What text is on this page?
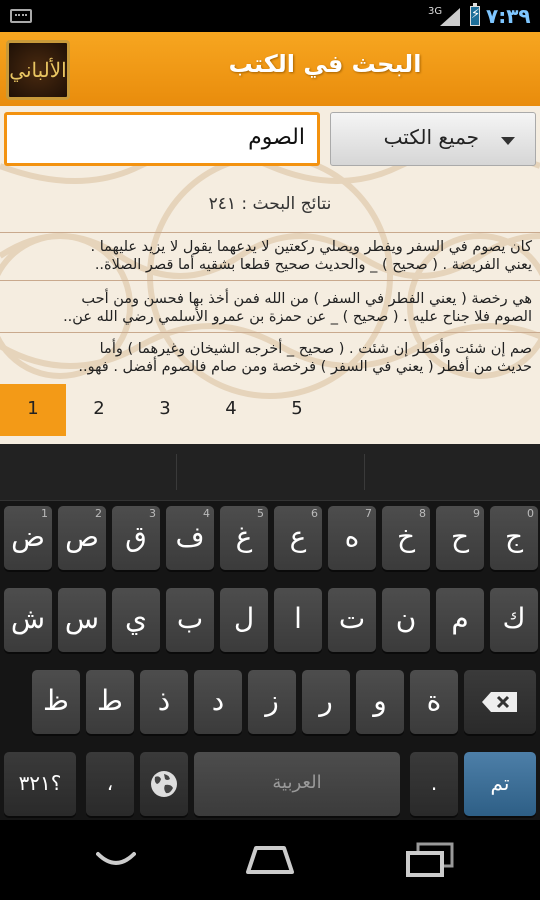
3G ⚡ ٧:٣٩
الألباني	البحث في الكتب
الصوم	جميع الكتب
نتائج البحث : ٢٤١
كان يصوم في السفر ويفطر ويصلي ركعتين لا يدعهما يقول لا يزيد عليهما .
يعني الفريضة . ( صحيح ) _ والحديث صحيح قطعا بشقيه أما قصر الصلاة..
هي رخصة ( يعني الفطر في السفر ) من الله فمن أخذ بها فحسن ومن أحب
الصوم فلا جناح عليه . ( صحيح ) _ عن حمزة بن عمرو الأسلمي رضي الله عن..
صم إن شئت وأفطر إن شئت . ( صحيح _ أخرجه الشيخان وغيرهما ) وأما
حديث من أفطر ( يعني في السفر ) فرخصة ومن صام فالصوم أفضل . فهو..
1	2	3	4	5
ض
1
ص
2
ق
3
ف
4
غ
5
ع
6
ه
7
خ
8
ح
9
ج
0
ش س ي	ب	ل	ا	ت	ن	م	ك
ظ	ط	ذ	د	ز	ر	و	ة
؟٣٢١	،	العربية	.	تم
